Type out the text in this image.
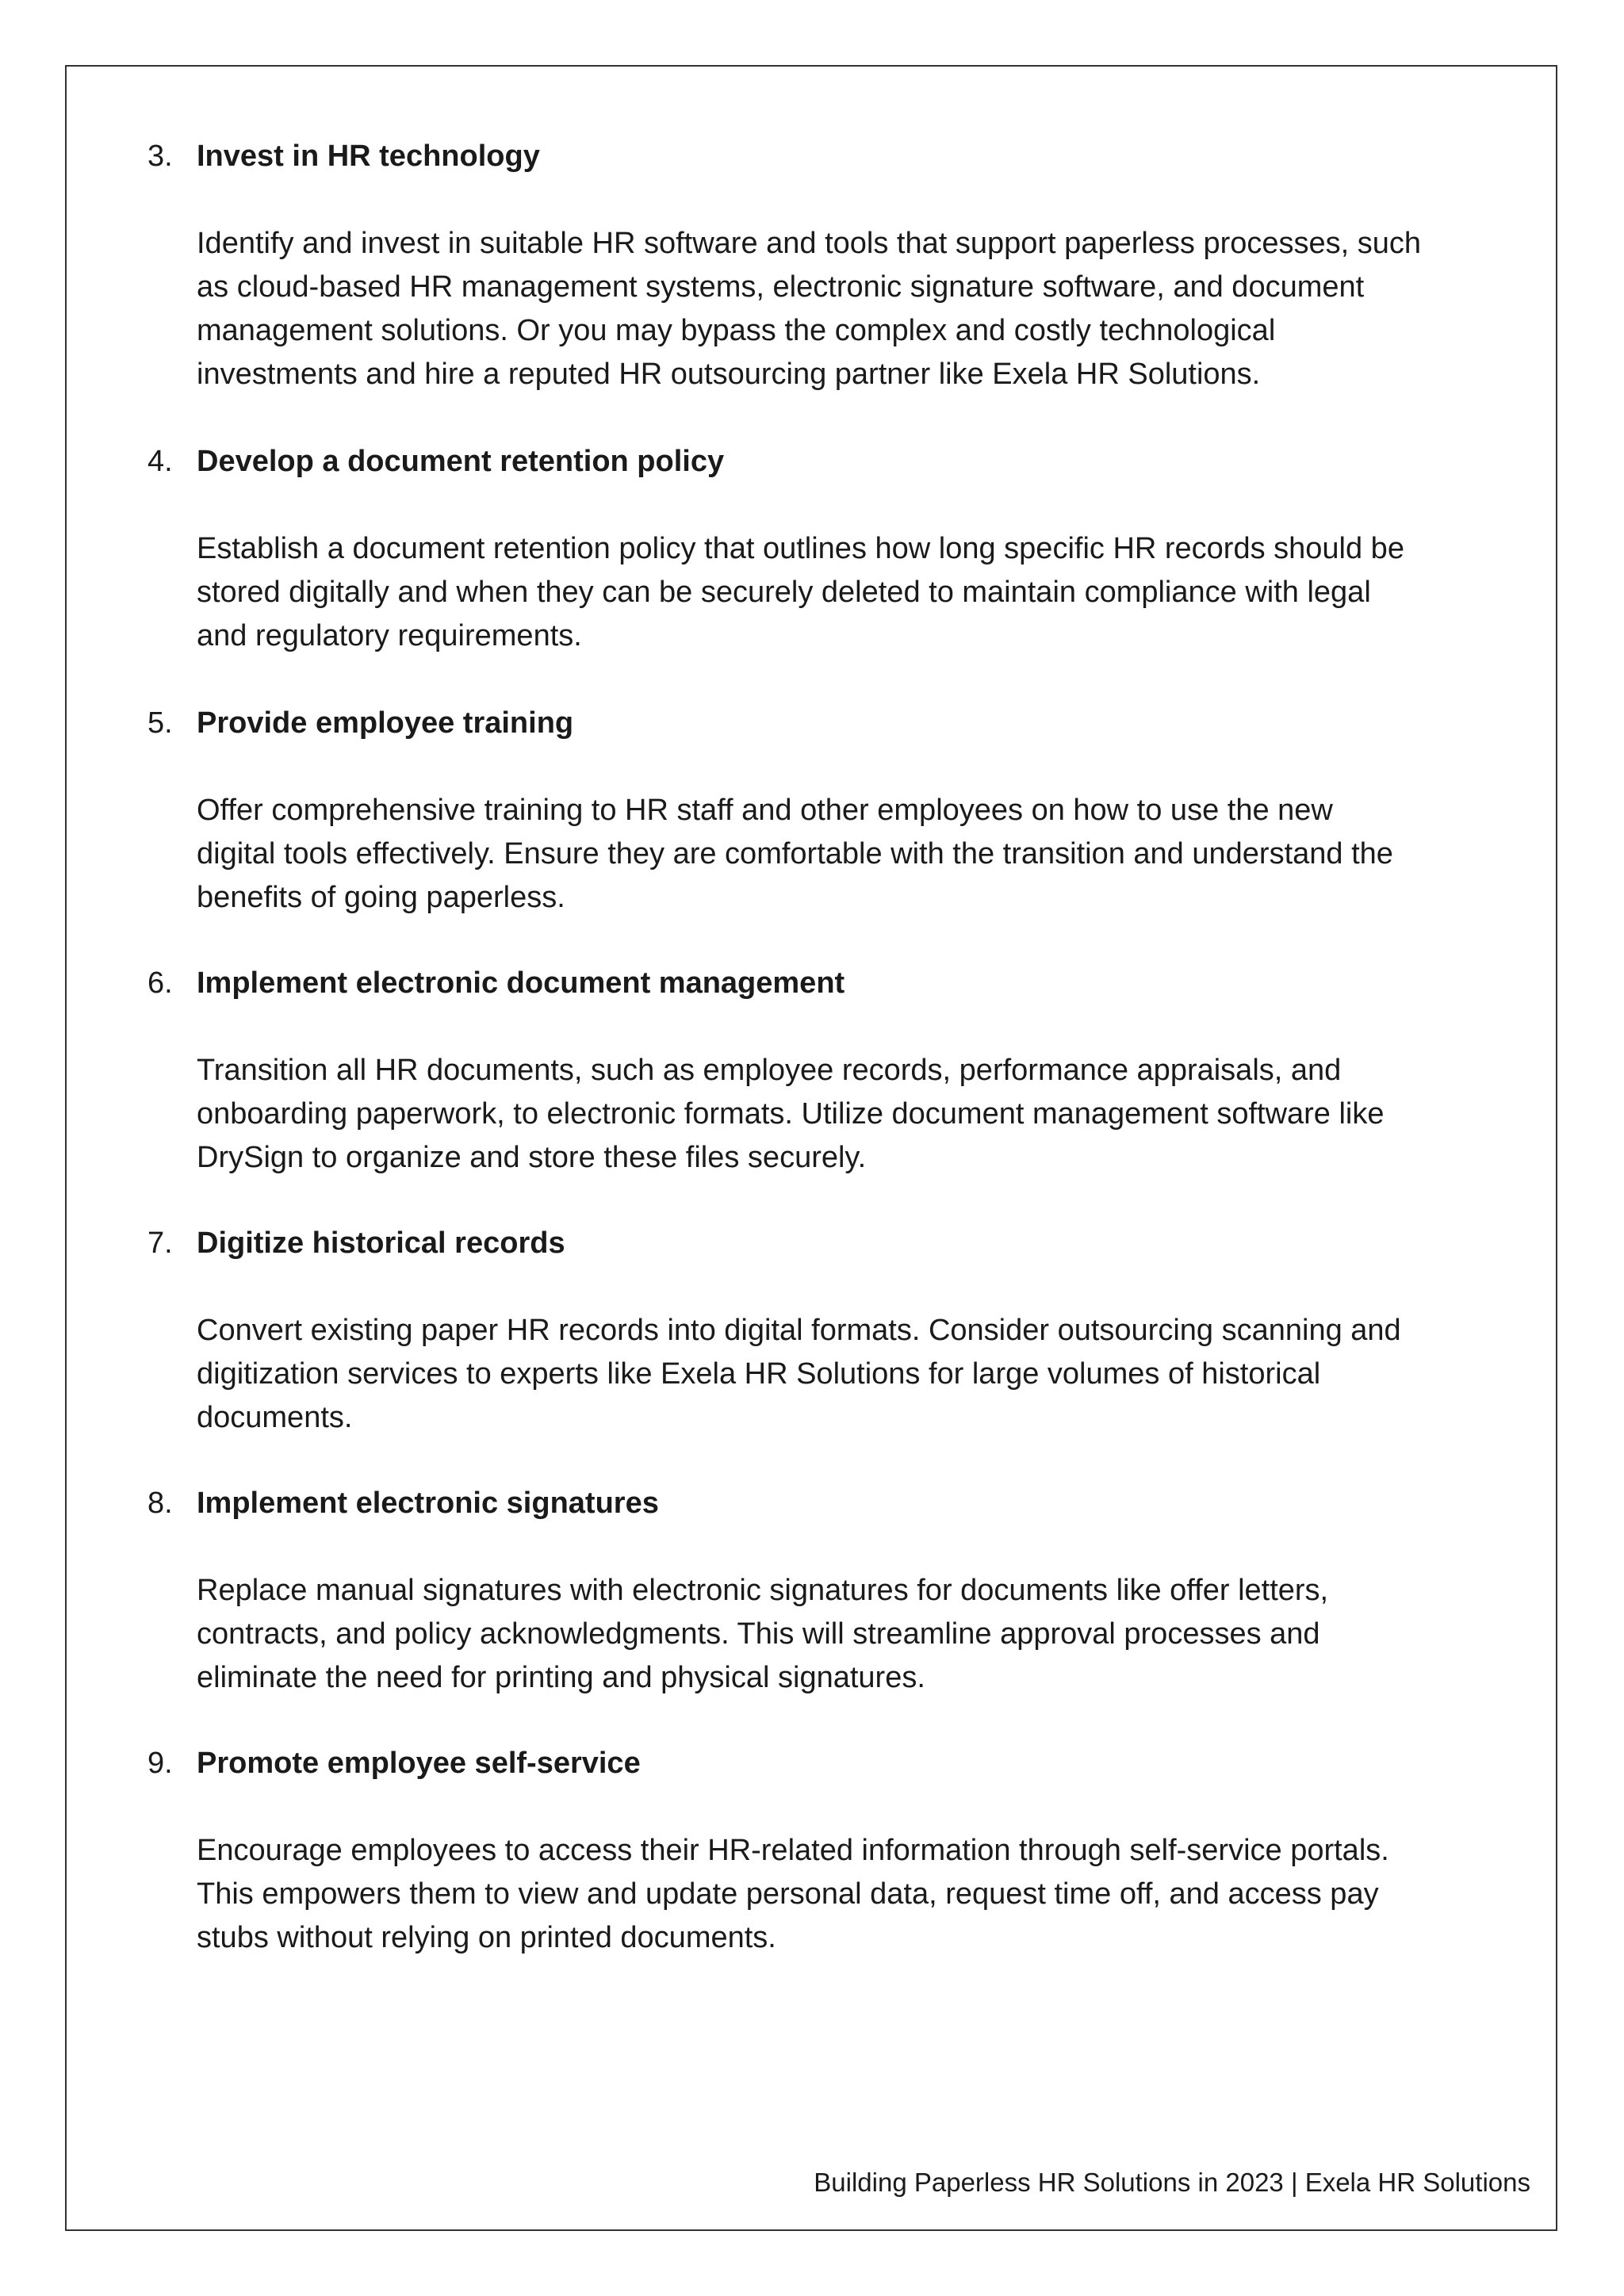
3. Invest in HR technology
Identify and invest in suitable HR software and tools that support paperless processes, such
as cloud-based HR management systems, electronic signature software, and document
management solutions. Or you may bypass the complex and costly technological
investments and hire a reputed HR outsourcing partner like Exela HR Solutions.
4. Develop a document retention policy
Establish a document retention policy that outlines how long specific HR records should be
stored digitally and when they can be securely deleted to maintain compliance with legal
and regulatory requirements.
5. Provide employee training
Offer comprehensive training to HR staff and other employees on how to use the new
digital tools effectively. Ensure they are comfortable with the transition and understand the
benefits of going paperless.
6. Implement electronic document management
Transition all HR documents, such as employee records, performance appraisals, and
onboarding paperwork, to electronic formats. Utilize document management software like
DrySign to organize and store these files securely.
7. Digitize historical records
Convert existing paper HR records into digital formats. Consider outsourcing scanning and
digitization services to experts like Exela HR Solutions for large volumes of historical
documents.
8. Implement electronic signatures
Replace manual signatures with electronic signatures for documents like offer letters,
contracts, and policy acknowledgments. This will streamline approval processes and
eliminate the need for printing and physical signatures.
9. Promote employee self-service
Encourage employees to access their HR-related information through self-service portals.
This empowers them to view and update personal data, request time off, and access pay
stubs without relying on printed documents.
Building Paperless HR Solutions in 2023 | Exela HR Solutions
